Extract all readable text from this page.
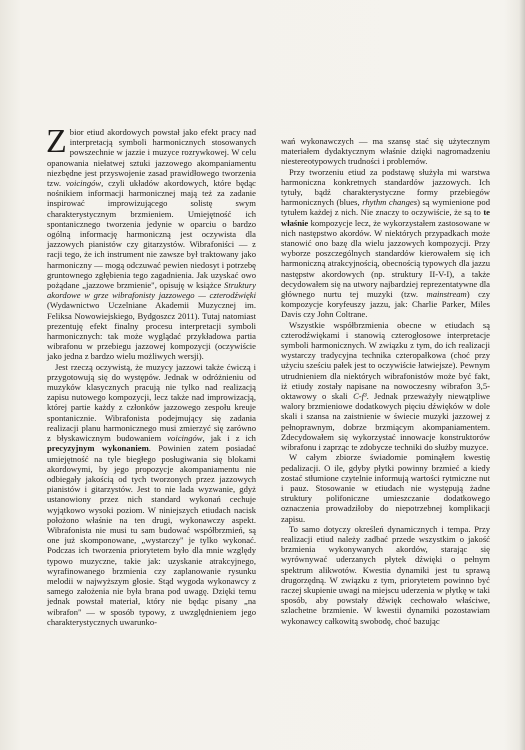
Zbior etiud akordowych powstał jako efekt pracy nad interpretacją symboli harmonicznych stosowanych powszechnie w jazzie i muzyce rozrywkowej. W celu opanowania niełatwej sztuki jazzowego akompaniamentu niezbędne jest przyswojenie zasad prawidłowego tworzenia tzw. voicingów, czyli układów akordowych, które będąc nośnikiem informacji harmonicznej mają też za zadanie inspirować improwizującego solistę swym charakterystycznym brzmieniem. Umiejętność ich spontanicznego tworzenia jedynie w oparciu o bardzo ogólną informację harmoniczną jest oczywista dla jazzowych pianistów czy gitarzystów. Wibrafoniści — z racji tego, że ich instrument nie zawsze był traktowany jako harmoniczny — mogą odczuwać pewien niedosyt i potrzebę gruntownego zgłębienia tego zagadnienia. Jak uzyskać owo pożądane „jazzowe brzmienie", opisuję w książce Struktury akordowe w grze wibrafonisty jazzowego — czterodźwięki (Wydawnictwo Uczelniane Akademii Muzycznej im. Feliksa Nowowiejskiego, Bydgoszcz 2011). Tutaj natomiast prezentuję efekt finalny procesu interpretacji symboli harmonicznych: tak może wyglądać przykładowa partia wibrafonu w przebiegu jazzowej kompozycji (oczywiście jako jedna z bardzo wielu możliwych wersji).

Jest rzeczą oczywistą, że muzycy jazzowi także ćwiczą i przygotowują się do występów. Jednak w odróżnieniu od muzyków klasycznych pracują nie tylko nad realizacją zapisu nutowego kompozycji, lecz także nad improwizacją, której partie każdy z członków jazzowego zespołu kreuje spontanicznie. Wibrafonista podejmujący się zadania realizacji planu harmonicznego musi zmierzyć się zarówno z błyskawicznym budowaniem voicingów, jak i z ich precyzyjnym wykonaniem. Powinien zatem posiadać umiejętność na tyle biegłego posługiwania się blokami akordowymi, by jego propozycje akompaniamentu nie odbiegały jakością od tych tworzonych przez jazzowych pianistów i gitarzystów. Jest to nie lada wyzwanie, gdyż ustanowiony przez nich standard wykonań cechuje wyjątkowo wysoki poziom. W niniejszych etiudach nacisk położono właśnie na ten drugi, wykonawczy aspekt. Wibrafonista nie musi tu sam budować współbrzmień, są one już skomponowane, „wystarczy" je tylko wykonać. Podczas ich tworzenia priorytetem było dla mnie względy typowo muzyczne, takie jak: uzyskanie atrakcyjnego, wyrafinowanego brzmienia czy zaplanowanie rysunku melodii w najwyższym głosie. Stąd wygoda wykonawcy z samego założenia nie była brana pod uwagę. Dzięki temu jednak powstał materiał, który nie będąc pisany „na wibrafon" — w sposób typowy, z uwzględnieniem jego charakterystycznych uwarunko-

wań wykonawczych — ma szansę stać się użytecznym materiałem dydaktycznym właśnie dzięki nagromadzeniu niestereotypowych trudności i problemów.

Przy tworzeniu etiud za podstawę służyła mi warstwa harmoniczna konkretnych standardów jazzowych. Ich tytuły, bądź charakterystyczne formy przebiegów harmonicznych (blues, rhythm changes) są wymienione pod tytułem każdej z nich. Nie znaczy to oczywiście, że są to te właśnie kompozycje lecz, że wykorzystałem zastosowane w nich następstwo akordów. W niektórych przypadkach może stanowić ono bazę dla wielu jazzowych kompozycji. Przy wyborze poszczególnych standardów kierowałem się ich harmoniczną atrakcyjnością, obecnością typowych dla jazzu następstw akordowych (np. struktury II-V-I), a także decydowałem się na utwory najbardziej reprezentatywne dla głównego nurtu tej muzyki (tzw. mainstream) czy kompozycje koryfeuszy jazzu, jak: Charlie Parker, Miles Davis czy John Coltrane.

Wszystkie współbrzmienia obecne w etiudach są czterodźwiękami i stanowią czterogłosowe interpretacje symboli harmonicznych. W związku z tym, do ich realizacji wystarczy tradycyjna technika czteropałkowa (choć przy użyciu sześciu pałek jest to oczywiście łatwiejsze). Pewnym utrudnieniem dla niektórych wibrafonistów może być fakt, iż etiudy zostały napisane na nowoczesny wibrafon 3,5-oktawowy o skali C-f³. Jednak przeważyły niewątpliwe walory brzmieniowe dodatkowych pięciu dźwięków w dole skali i szansa na zaistnienie w świecie muzyki jazzowej z pełnoprawnym, dobrze brzmiącym akompaniamentem. Zdecydowałem się wykorzystać innowacje konstruktorów wibrafonu i zaprząc te zdobycze techniki do służby muzyce.

W całym zbiorze świadomie pominąłem kwestię pedalizacji. O ile, gdyby płytki powinny brzmieć a kiedy zostać stłumione czytelnie informują wartości rytmiczne nut i pauz. Stosowanie w etiudach nie występują żadne struktury polifoniczne umieszczanie dodatkowego oznaczenia prowadziłoby do niepotrzebnej komplikacji zapisu.

To samo dotyczy określeń dynamicznych i tempa. Przy realizacji etiud należy zadbać przede wszystkim o jakość brzmienia wykonywanych akordów, starając się wyrównywać uderzanych płytek dźwięki o pełnym spektrum alikwotów. Kwestia dynamiki jest tu sprawą drugorzędną. W związku z tym, priorytetem powinno być raczej skupienie uwagi na miejscu uderzenia w płytkę w taki sposób, aby powstały dźwięk cechowało właściwe, szlachetne brzmienie. W kwestii dynamiki pozostawiam wykonawcy całkowitą swobodę, choć bazując
